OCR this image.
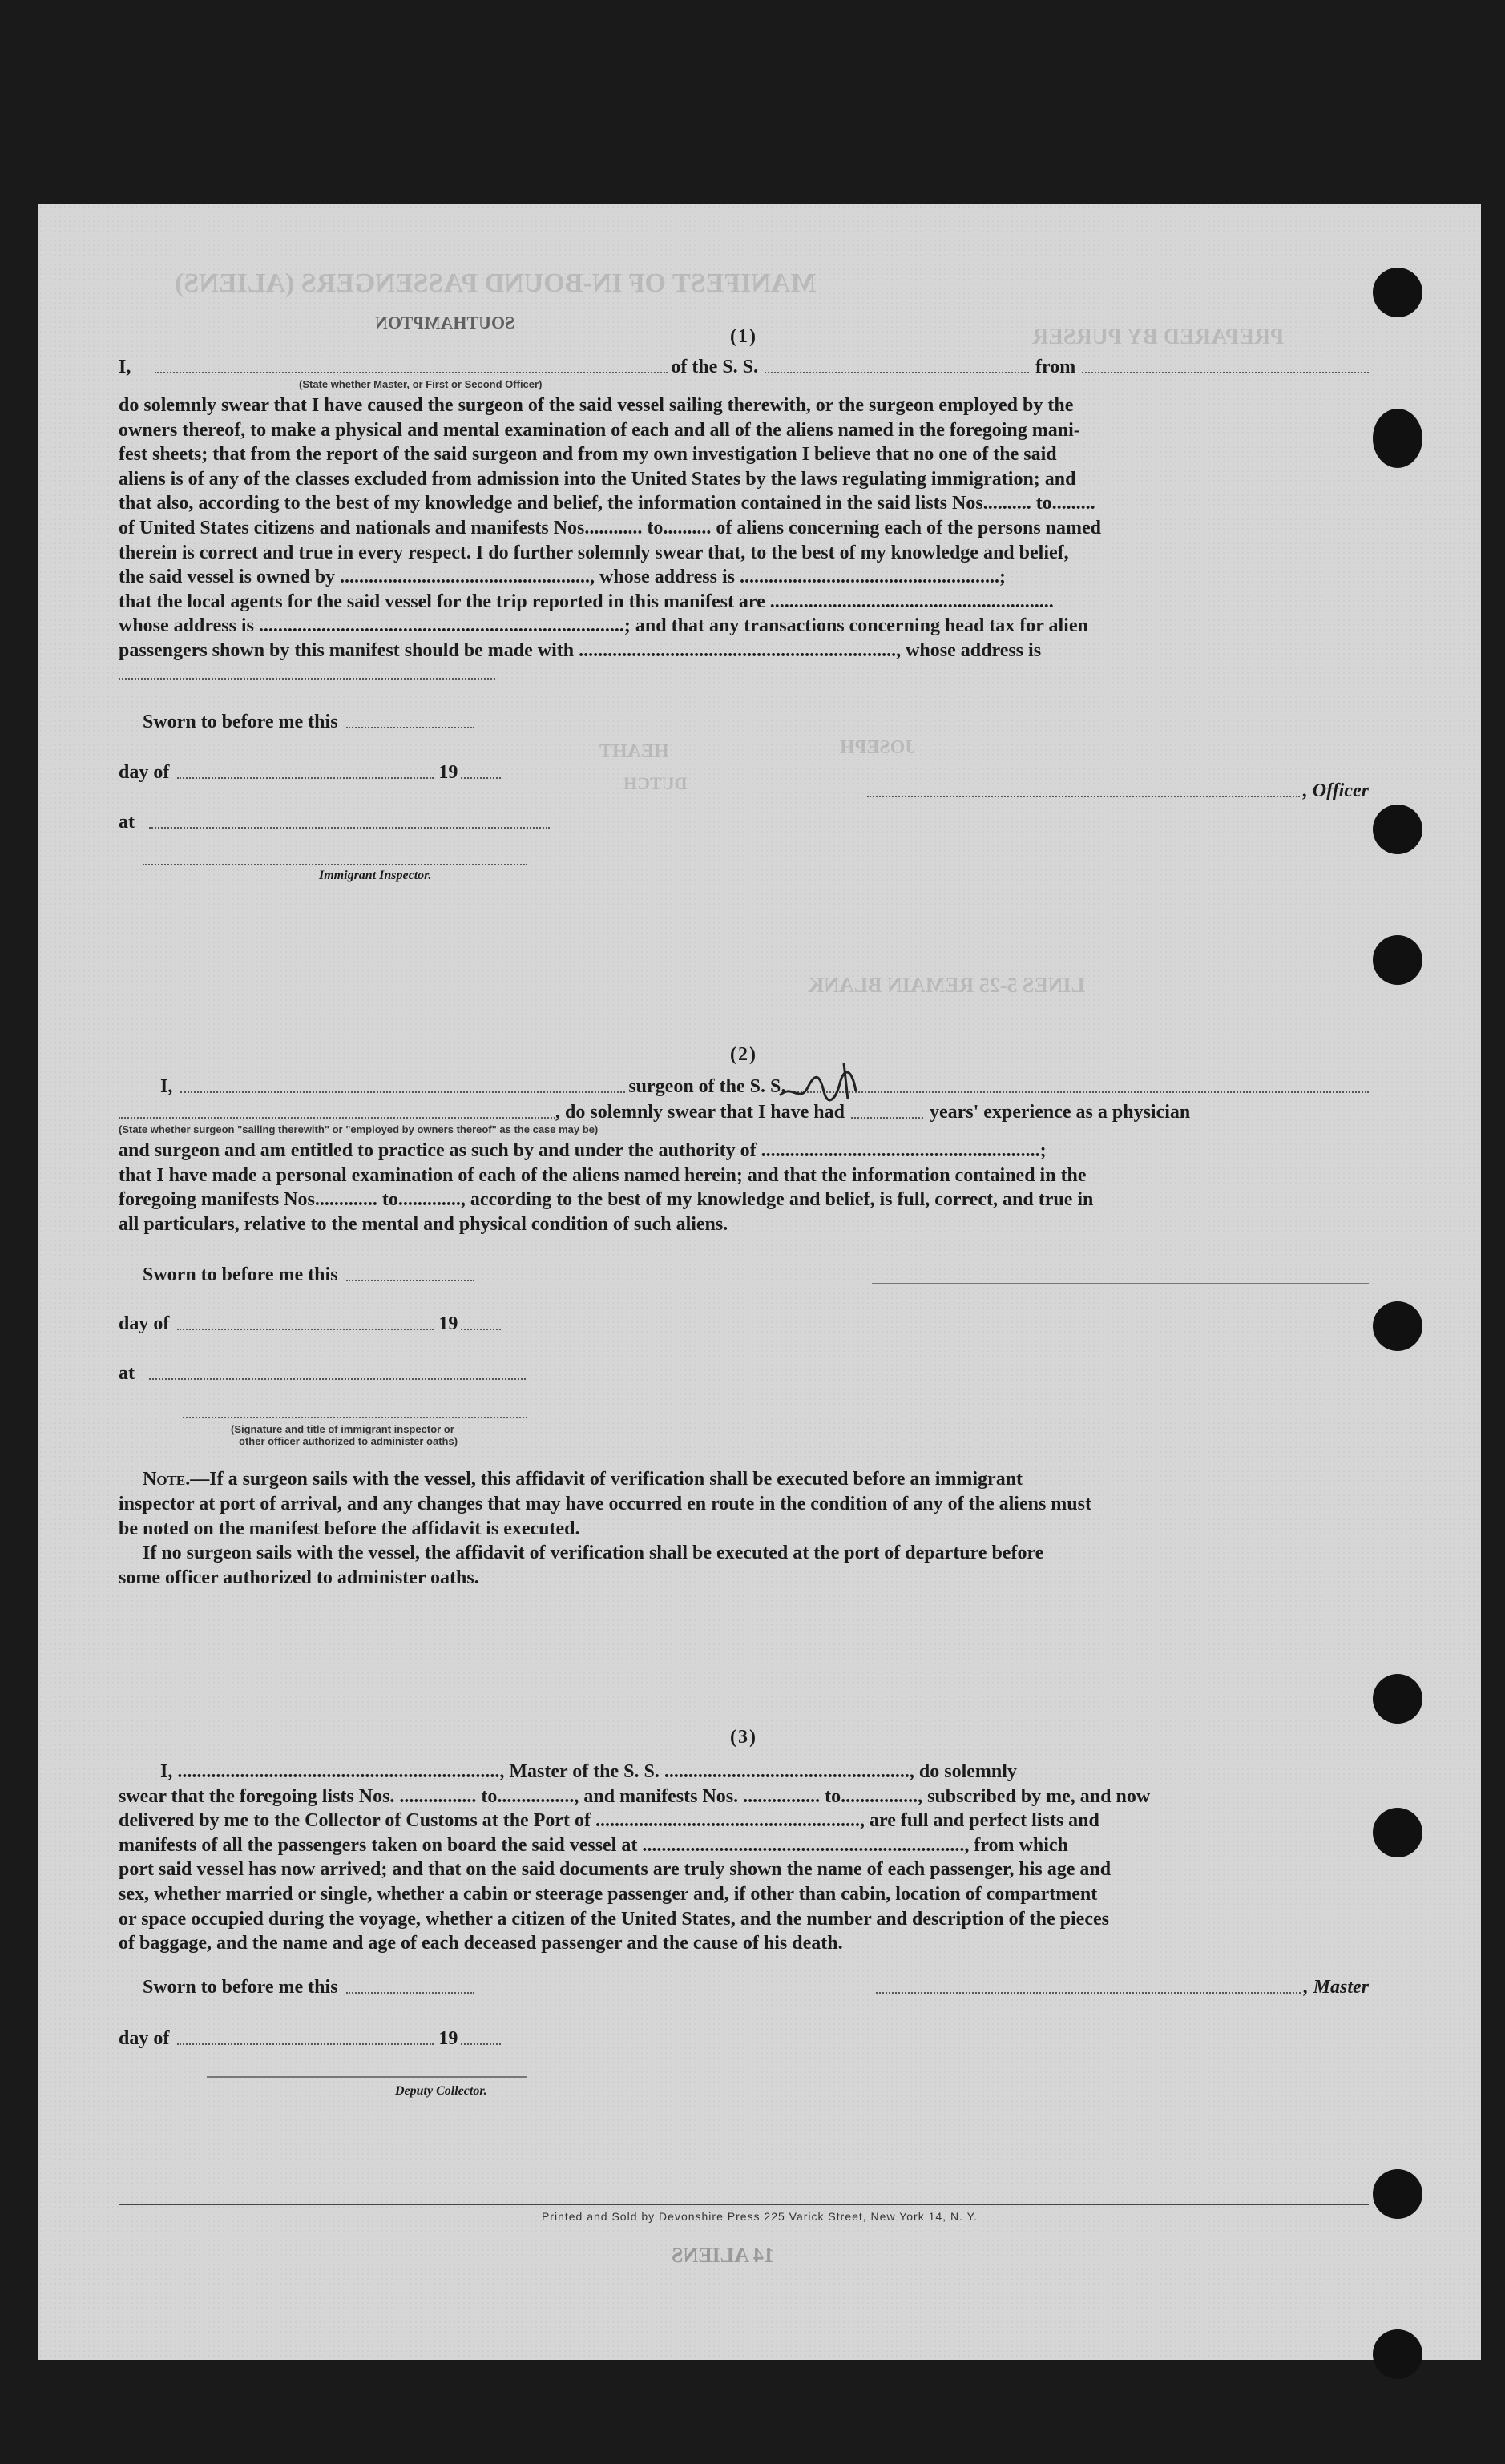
MANIFEST OF IN-BOUND PASSENGERS (ALIENS)
SOUTHAMPTON
PREPARED BY PURSER
JOSEPH
HEAHT
DUTCH
LINES 5-25 REMAIN BLANK
14 ALIENS
(1)
I,	of the S. S.	from
(State whether Master, or First or Second Officer)
do solemnly swear that I have caused the surgeon of the said vessel sailing therewith, or the surgeon employed by the
owners thereof, to make a physical and mental examination of each and all of the aliens named in the foregoing mani-
fest sheets; that from the report of the said surgeon and from my own investigation I believe that no one of the said
aliens is of any of the classes excluded from admission into the United States by the laws regulating immigration; and
that also, according to the best of my knowledge and belief, the information contained in the said lists Nos.......... to.........
of United States citizens and nationals and manifests Nos............ to.......... of aliens concerning each of the persons named
therein is correct and true in every respect. I do further solemnly swear that, to the best of my knowledge and belief,
the said vessel is owned by ...................................................., whose address is ......................................................;
that the local agents for the said vessel for the trip reported in this manifest are ...........................................................
whose address is ............................................................................; and that any transactions concerning head tax for alien
passengers shown by this manifest should be made with .................................................................., whose address is
Sworn to before me this
day of	19
at
, Officer
Immigrant Inspector.
(2)
I,	surgeon of the S. S.
, do solemnly swear that I have had	years' experience as a physician
(State whether surgeon "sailing therewith" or "employed by owners thereof" as the case may be)
and surgeon and am entitled to practice as such by and under the authority of ..........................................................;
that I have made a personal examination of each of the aliens named herein; and that the information contained in the
foregoing manifests Nos............. to............., according to the best of my knowledge and belief, is full, correct, and true in
all particulars, relative to the mental and physical condition of such aliens.
Sworn to before me this
day of	19
at
(Signature and title of immigrant inspector or
other officer authorized to administer oaths)
Note.—If a surgeon sails with the vessel, this affidavit of verification shall be executed before an immigrant
inspector at port of arrival, and any changes that may have occurred en route in the condition of any of the aliens must
be noted on the manifest before the affidavit is executed.
If no surgeon sails with the vessel, the affidavit of verification shall be executed at the port of departure before
some officer authorized to administer oaths.
(3)
I, ..................................................................., Master of the S. S. ..................................................., do solemnly
swear that the foregoing lists Nos. ................ to................, and manifests Nos. ................ to................, subscribed by me, and now
delivered by me to the Collector of Customs at the Port of ......................................................., are full and perfect lists and
manifests of all the passengers taken on board the said vessel at ..................................................................., from which
port said vessel has now arrived; and that on the said documents are truly shown the name of each passenger, his age and
sex, whether married or single, whether a cabin or steerage passenger and, if other than cabin, location of compartment
or space occupied during the voyage, whether a citizen of the United States, and the number and description of the pieces
of baggage, and the name and age of each deceased passenger and the cause of his death.
Sworn to before me this	, Master
day of	19
Deputy Collector.
Printed and Sold by Devonshire Press 225 Varick Street, New York 14, N. Y.
